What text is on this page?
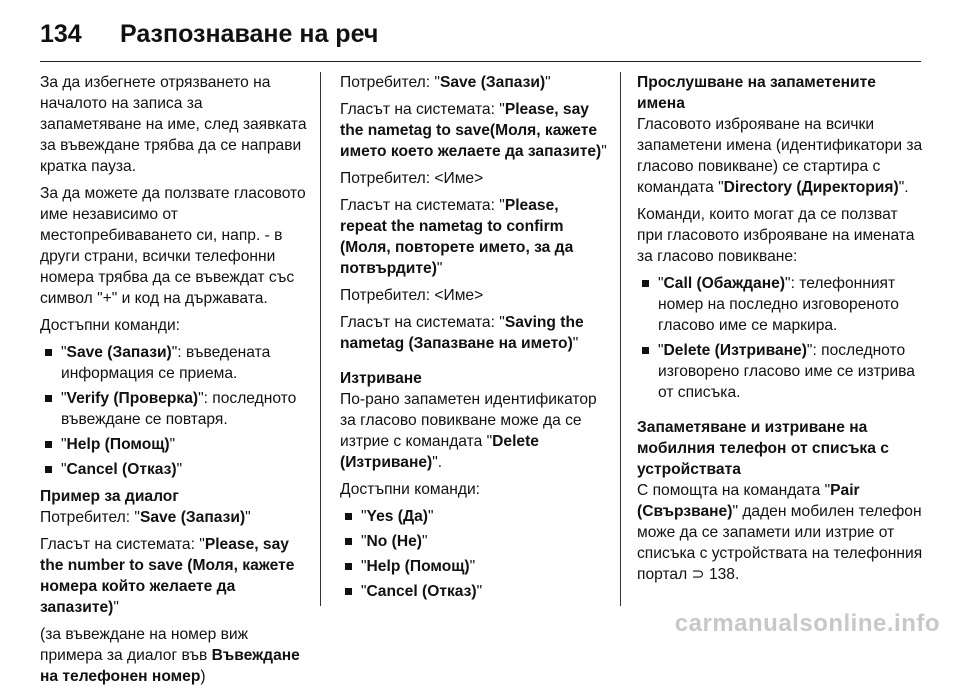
134 Разпознаване на реч

За да избегнете отрязването на началото на записа за запаметяване на име, след заявката за въвеждане трябва да се направи кратка пауза.

За да можете да ползвате гласовото име независимо от местопребиваването си, напр. - в други страни, всички телефонни номера трябва да се въвеждат със символ "+" и код на държавата.

Достъпни команди:

"Save (Запази)": въведената информация се приема.
"Verify (Проверка)": последното въвеждане се повтаря.
"Help (Помощ)"
"Cancel (Отказ)"

Пример за диалог

Потребител: "Save (Запази)"

Гласът на системата: "Please, say the number to save (Моля, кажете номера който желаете да запазите)"

(за въвеждане на номер виж примера за диалог във Въвеждане на телефонен номер)

Потребител: "Save (Запази)"

Гласът на системата: "Please, say the nametag to save(Моля, кажете името което желаете да запазите)"

Потребител: <Име>

Гласът на системата: "Please, repeat the nametag to confirm (Моля, повторете името, за да потвърдите)"

Потребител: <Име>

Гласът на системата: "Saving the nametag (Запазване на името)"

Изтриване

По-рано запаметен идентификатор за гласово повикване може да се изтрие с командата "Delete (Изтриване)".

Достъпни команди:

"Yes (Да)"
"No (Не)"
"Help (Помощ)"
"Cancel (Отказ)"

Прослушване на запаметените имена

Гласовото изброяване на всички запаметени имена (идентификатори за гласово повикване) се стартира с командата "Directory (Директория)".

Команди, които могат да се ползват при гласовото изброяване на имената за гласово повикване:

"Call (Обаждане)": телефонният номер на последно изговореното гласово име се маркира.
"Delete (Изтриване)": последното изговорено гласово име се изтрива от списъка.

Запаметяване и изтриване на мобилния телефон от списъка с устройствата

С помощта на командата "Pair (Свързване)" даден мобилен телефон може да се запамети или изтрие от списъка с устройствата на телефонния портал ⊃ 138.

carmanualsonline.info
